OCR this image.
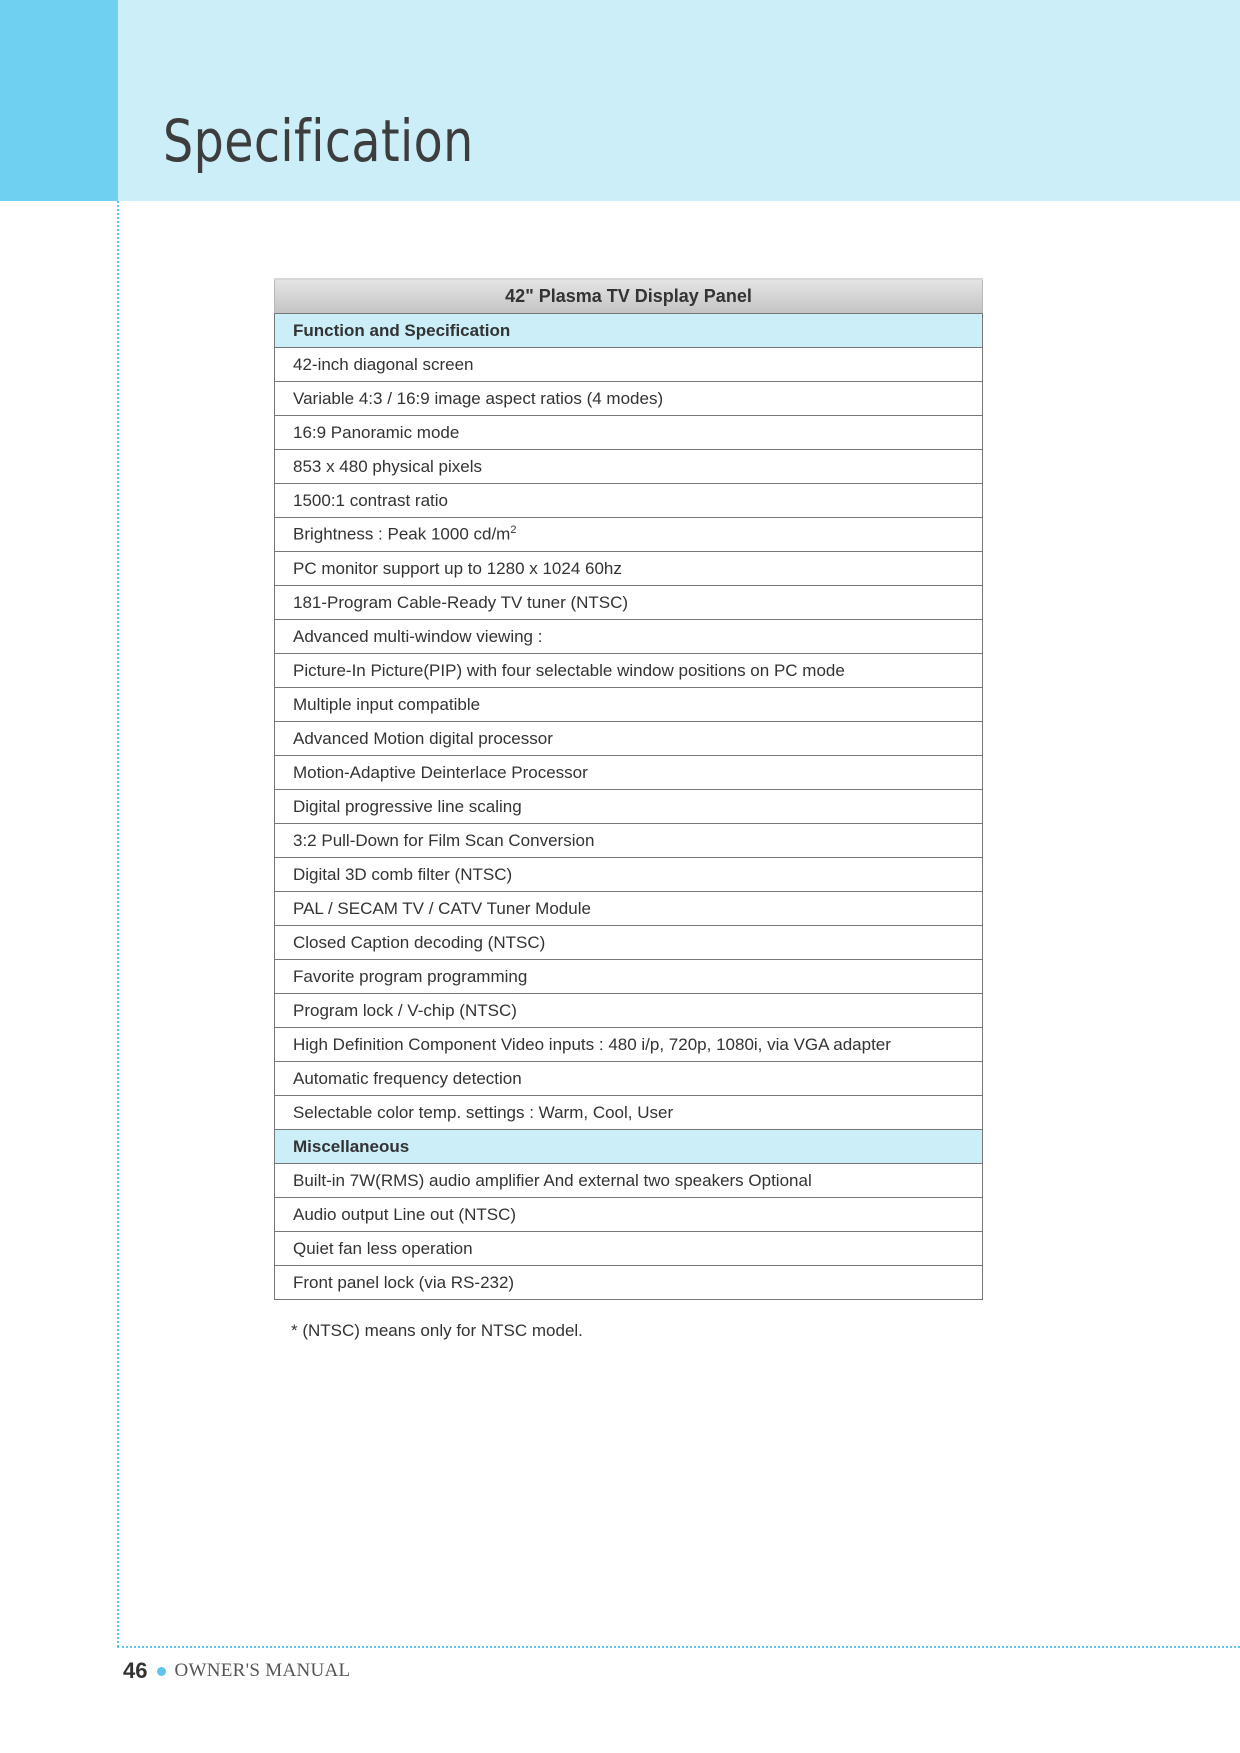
Specification
42" Plasma TV Display Panel
Function and Specification
42-inch diagonal screen
Variable 4:3 / 16:9 image aspect ratios (4 modes)
16:9 Panoramic mode
853 x 480 physical pixels
1500:1 contrast ratio
Brightness : Peak 1000 $cd/m^2$
PC monitor support up to 1280 x 1024 60hz
181-Program Cable-Ready TV tuner (NTSC)
Advanced multi-window viewing :
Picture-In Picture(PIP) with four selectable window positions on PC mode
Multiple input compatible
Advanced Motion digital processor
Motion-Adaptive Deinterlace Processor
Digital progressive line scaling
3:2 Pull-Down for Film Scan Conversion
Digital 3D comb filter (NTSC)
PAL / SECAM TV / CATV Tuner Module
Closed Caption decoding (NTSC)
Favorite program programming
Program lock / V-chip (NTSC)
High Definition Component Video inputs : 480 i/p, 720p, 1080i, via VGA adapter
Automatic frequency detection
Selectable color temp. settings : Warm, Cool, User
Miscellaneous
Built-in 7W(RMS) audio amplifier And external two speakers Optional
Audio output Line out (NTSC)
Quiet fan less operation
Front panel lock (via RS-232)
* (NTSC) means only for NTSC model.
46 OWNER'S MANUAL
